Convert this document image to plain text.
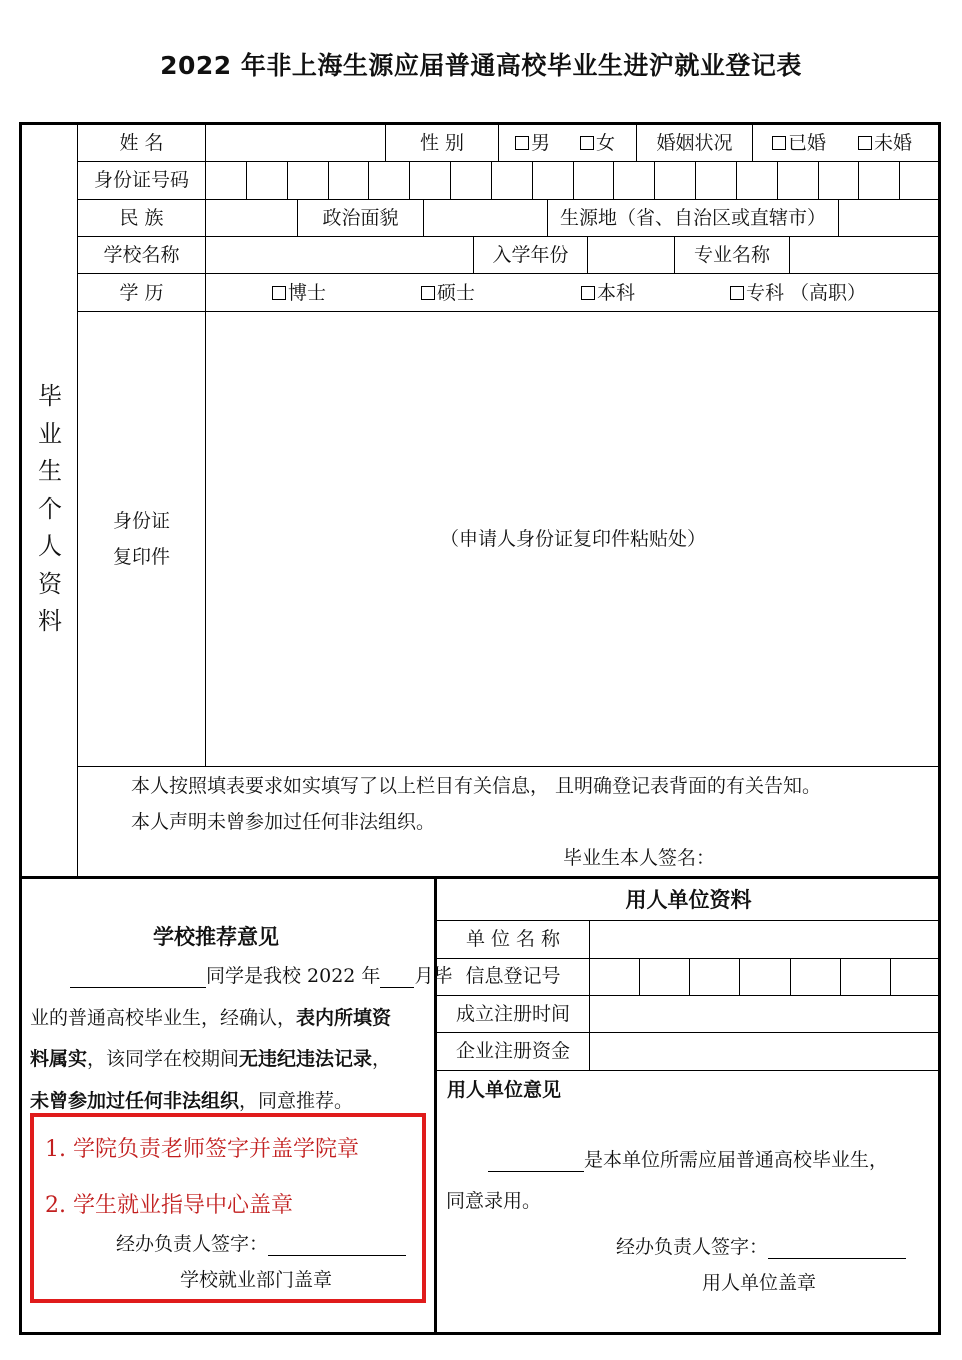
2022 年非上海生源应届普通高校毕业生进沪就业登记表
毕
业
生
个
人
资
料
姓 名	性 别	男	女	婚姻状况	已婚	未婚
身份证号码
民 族	政治面貌	生源地（省、自治区或直辖市）
学校名称	入学年份	专业名称
学 历	博士	硕士	本科	专科 （高职）
身份证
复印件
（申请人身份证复印件粘贴处）
本人按照填表要求如实填写了以上栏目有关信息， 且明确登记表背面的有关告知。
本人声明未曾参加过任何非法组织。
毕业生本人签名：
学校推荐意见
同学是我校 2022 年 月毕
业的普通高校毕业生，经确认，表内所填资
料属实，该同学在校期间无违纪违法记录，
未曾参加过任何非法组织，同意推荐。
1. 学院负责老师签字并盖学院章
2. 学生就业指导中心盖章
经办负责人签字：
学校就业部门盖章
用人单位资料
单 位 名 称
信息登记号
成立注册时间
企业注册资金
用人单位意见
是本单位所需应届普通高校毕业生，
同意录用。
经办负责人签字：
用人单位盖章
